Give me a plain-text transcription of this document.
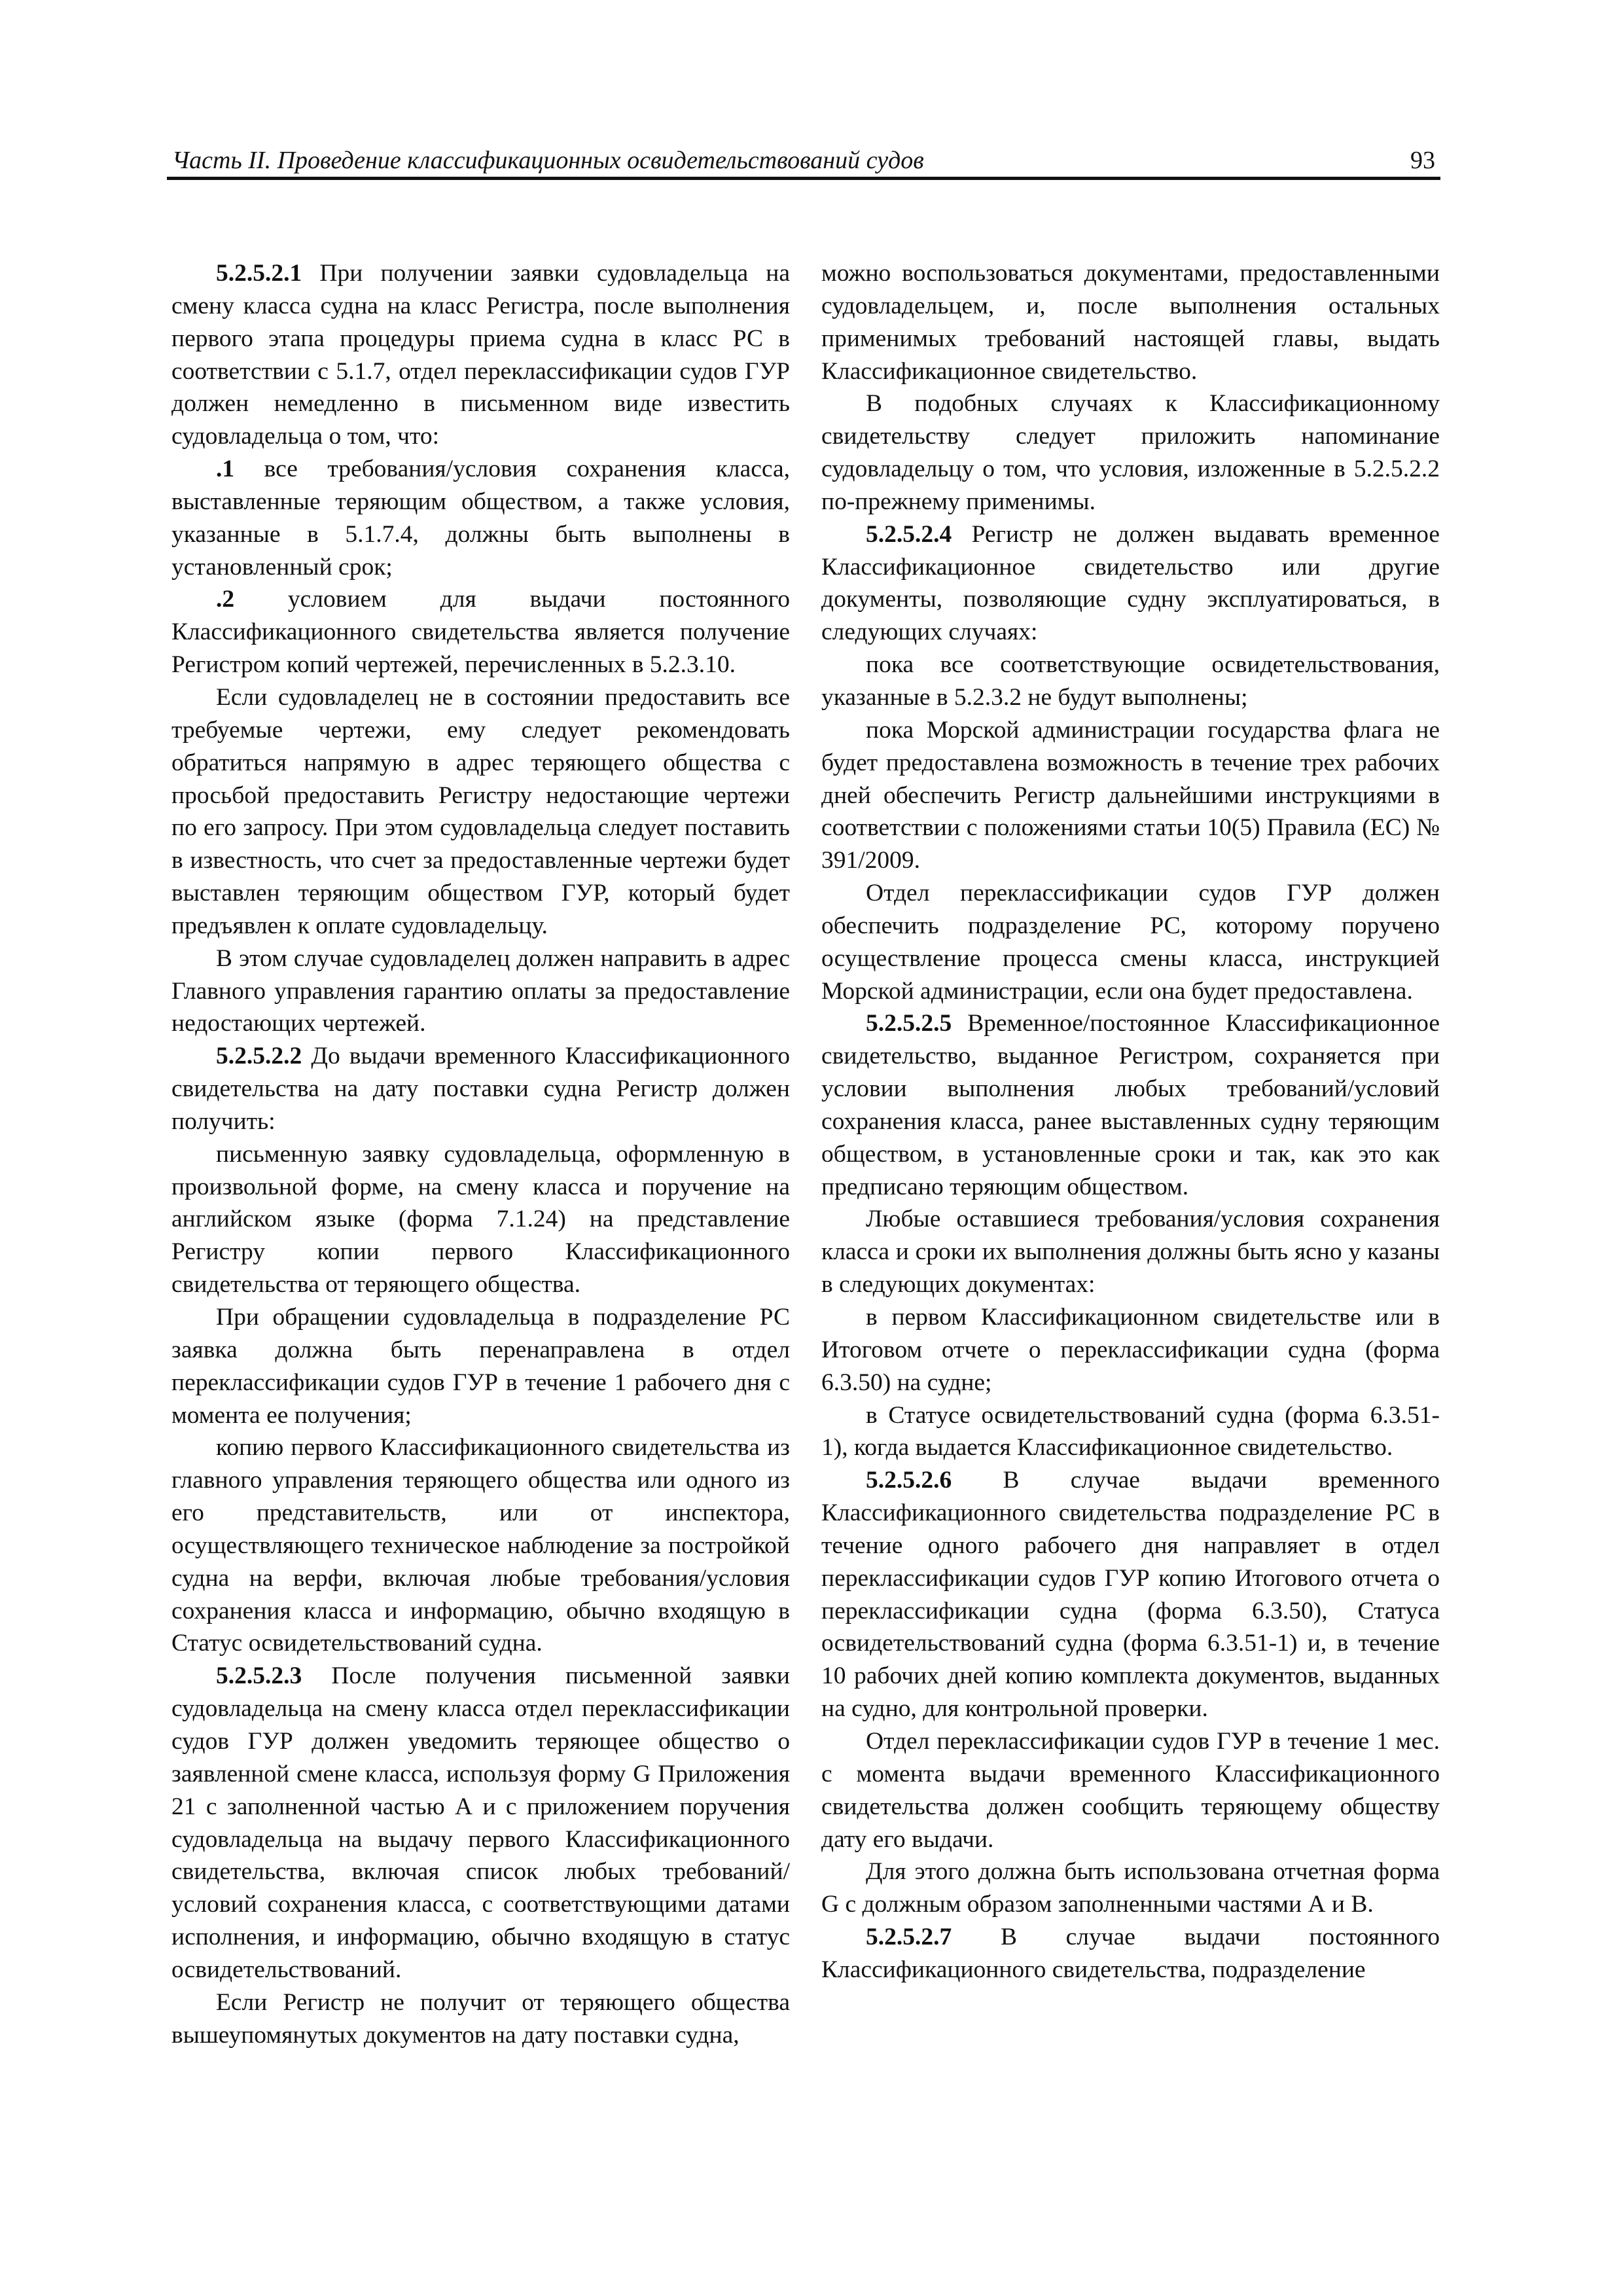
Часть II. Проведение классификационных освидетельствований судов	93

5.2.5.2.1 При получении заявки судовладельца на смену класса судна на класс Регистра, после выполнения первого этапа процедуры приема судна в класс РС в соответствии с 5.1.7, отдел переклассификации судов ГУР должен немедленно в письменном виде известить судовладельца о том, что:

.1 все требования/условия сохранения класса, выставленные теряющим обществом, а также условия, указанные в 5.1.7.4, должны быть выполнены в установленный срок;

.2 условием для выдачи постоянного Классификационного свидетельства является получение Регистром копий чертежей, перечисленных в 5.2.3.10.

Если судовладелец не в состоянии предоставить все требуемые чертежи, ему следует рекомендовать обратиться напрямую в адрес теряющего общества с просьбой предоставить Регистру недостающие чертежи по его запросу. При этом судовладельца следует поставить в известность, что счет за предоставленные чертежи будет выставлен теряющим обществом ГУР, который будет предъявлен к оплате судовладельцу.

В этом случае судовладелец должен направить в адрес Главного управления гарантию оплаты за предоставление недостающих чертежей.

5.2.5.2.2 До выдачи временного Классификационного свидетельства на дату поставки судна Регистр должен получить:

письменную заявку судовладельца, оформленную в произвольной форме, на смену класса и поручение на английском языке (форма 7.1.24) на представление Регистру копии первого Классификационного свидетельства от теряющего общества.

При обращении судовладельца в подразделение РС заявка должна быть перенаправлена в отдел переклассификации судов ГУР в течение 1 рабочего дня с момента ее получения;

копию первого Классификационного свидетельства из главного управления теряющего общества или одного из его представительств, или от инспектора, осуществляющего техническое наблюдение за постройкой судна на верфи, включая любые требования/условия сохранения класса и информацию, обычно входящую в Статус освидетельствований судна.

5.2.5.2.3 После получения письменной заявки судовладельца на смену класса отдел переклассификации судов ГУР должен уведомить теряющее общество о заявленной смене класса, используя форму G Приложения 21 с заполненной частью А и с приложением поручения судовладельца на выдачу первого Классификационного свидетельства, включая список любых требований/условий сохранения класса, с соответствующими датами исполнения, и информацию, обычно входящую в статус освидетельствований.

Если Регистр не получит от теряющего общества вышеупомянутых документов на дату поставки судна,

можно воспользоваться документами, предоставленными судовладельцем, и, после выполнения остальных применимых требований настоящей главы, выдать Классификационное свидетельство.

В подобных случаях к Классификационному свидетельству следует приложить напоминание судовладельцу о том, что условия, изложенные в 5.2.5.2.2 по-прежнему применимы.

5.2.5.2.4 Регистр не должен выдавать временное Классификационное свидетельство или другие документы, позволяющие судну эксплуатироваться, в следующих случаях:

пока все соответствующие освидетельствования, указанные в 5.2.3.2 не будут выполнены;

пока Морской администрации государства флага не будет предоставлена возможность в течение трех рабочих дней обеспечить Регистр дальнейшими инструкциями в соответствии с положениями статьи 10(5) Правила (ЕС) № 391/2009.

Отдел переклассификации судов ГУР должен обеспечить подразделение РС, которому поручено осуществление процесса смены класса, инструкцией Морской администрации, если она будет предоставлена.

5.2.5.2.5 Временное/постоянное Классификационное свидетельство, выданное Регистром, сохраняется при условии выполнения любых требований/условий сохранения класса, ранее выставленных судну теряющим обществом, в установленные сроки и так, как это как предписано теряющим обществом.

Любые оставшиеся требования/условия сохранения класса и сроки их выполнения должны быть ясно у казаны в следующих документах:

в первом Классификационном свидетельстве или в Итоговом отчете о переклассификации судна (форма 6.3.50) на судне;

в Статусе освидетельствований судна (форма 6.3.51-1), когда выдается Классификационное свидетельство.

5.2.5.2.6 В случае выдачи временного Классификационного свидетельства подразделение РС в течение одного рабочего дня направляет в отдел переклассификации судов ГУР копию Итогового отчета о переклассификации судна (форма 6.3.50), Статуса освидетельствований судна (форма 6.3.51-1) и, в течение 10 рабочих дней копию комплекта документов, выданных на судно, для контрольной проверки.

Отдел переклассификации судов ГУР в течение 1 мес. с момента выдачи временного Классификационного свидетельства должен сообщить теряющему обществу дату его выдачи.

Для этого должна быть использована отчетная форма G с должным образом заполненными частями А и В.

5.2.5.2.7 В случае выдачи постоянного Классификационного свидетельства, подразделение
